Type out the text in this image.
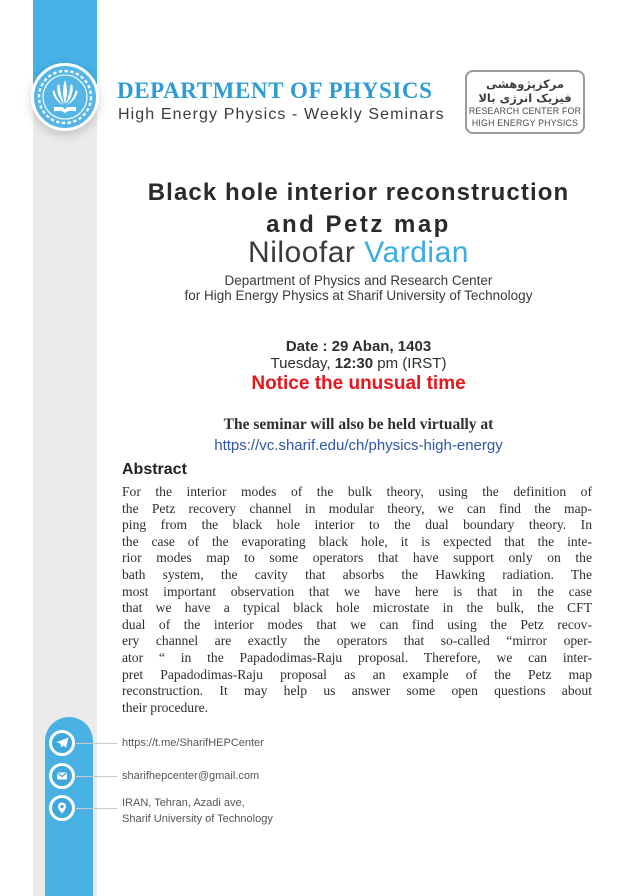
DEPARTMENT OF PHYSICS
High Energy Physics - Weekly Seminars
مرکزپژوهشی
فیزیک انرژی بالا
RESEARCH CENTER FOR
HIGH ENERGY PHYSICS
Black hole interior reconstruction
and Petz map
Niloofar Vardian
Department of Physics and Research Center
for High Energy Physics at Sharif University of Technology
Date : 29 Aban, 1403
Tuesday, 12:30 pm (IRST)
Notice the unusual time
The seminar will also be held virtually at
https://vc.sharif.edu/ch/physics-high-energy
Abstract
For the interior modes of the bulk theory, using the definition of
the Petz recovery channel in modular theory, we can find the map-
ping from the black hole interior to the dual boundary theory. In
the case of the evaporating black hole, it is expected that the inte-
rior modes map to some operators that have support only on the
bath system, the cavity that absorbs the Hawking radiation. The
most important observation that we have here is that in the case
that we have a typical black hole microstate in the bulk, the CFT
dual of the interior modes that we can find using the Petz recov-
ery channel are exactly the operators that so-called “mirror oper-
ator “ in the Papadodimas-Raju proposal. Therefore, we can inter-
pret Papadodimas-Raju proposal as an example of the Petz map
reconstruction. It may help us answer some open questions about
their procedure.
https://t.me/SharifHEPCenter
sharifhepcenter@gmail.com
IRAN, Tehran, Azadi ave,
Sharif University of Technology
